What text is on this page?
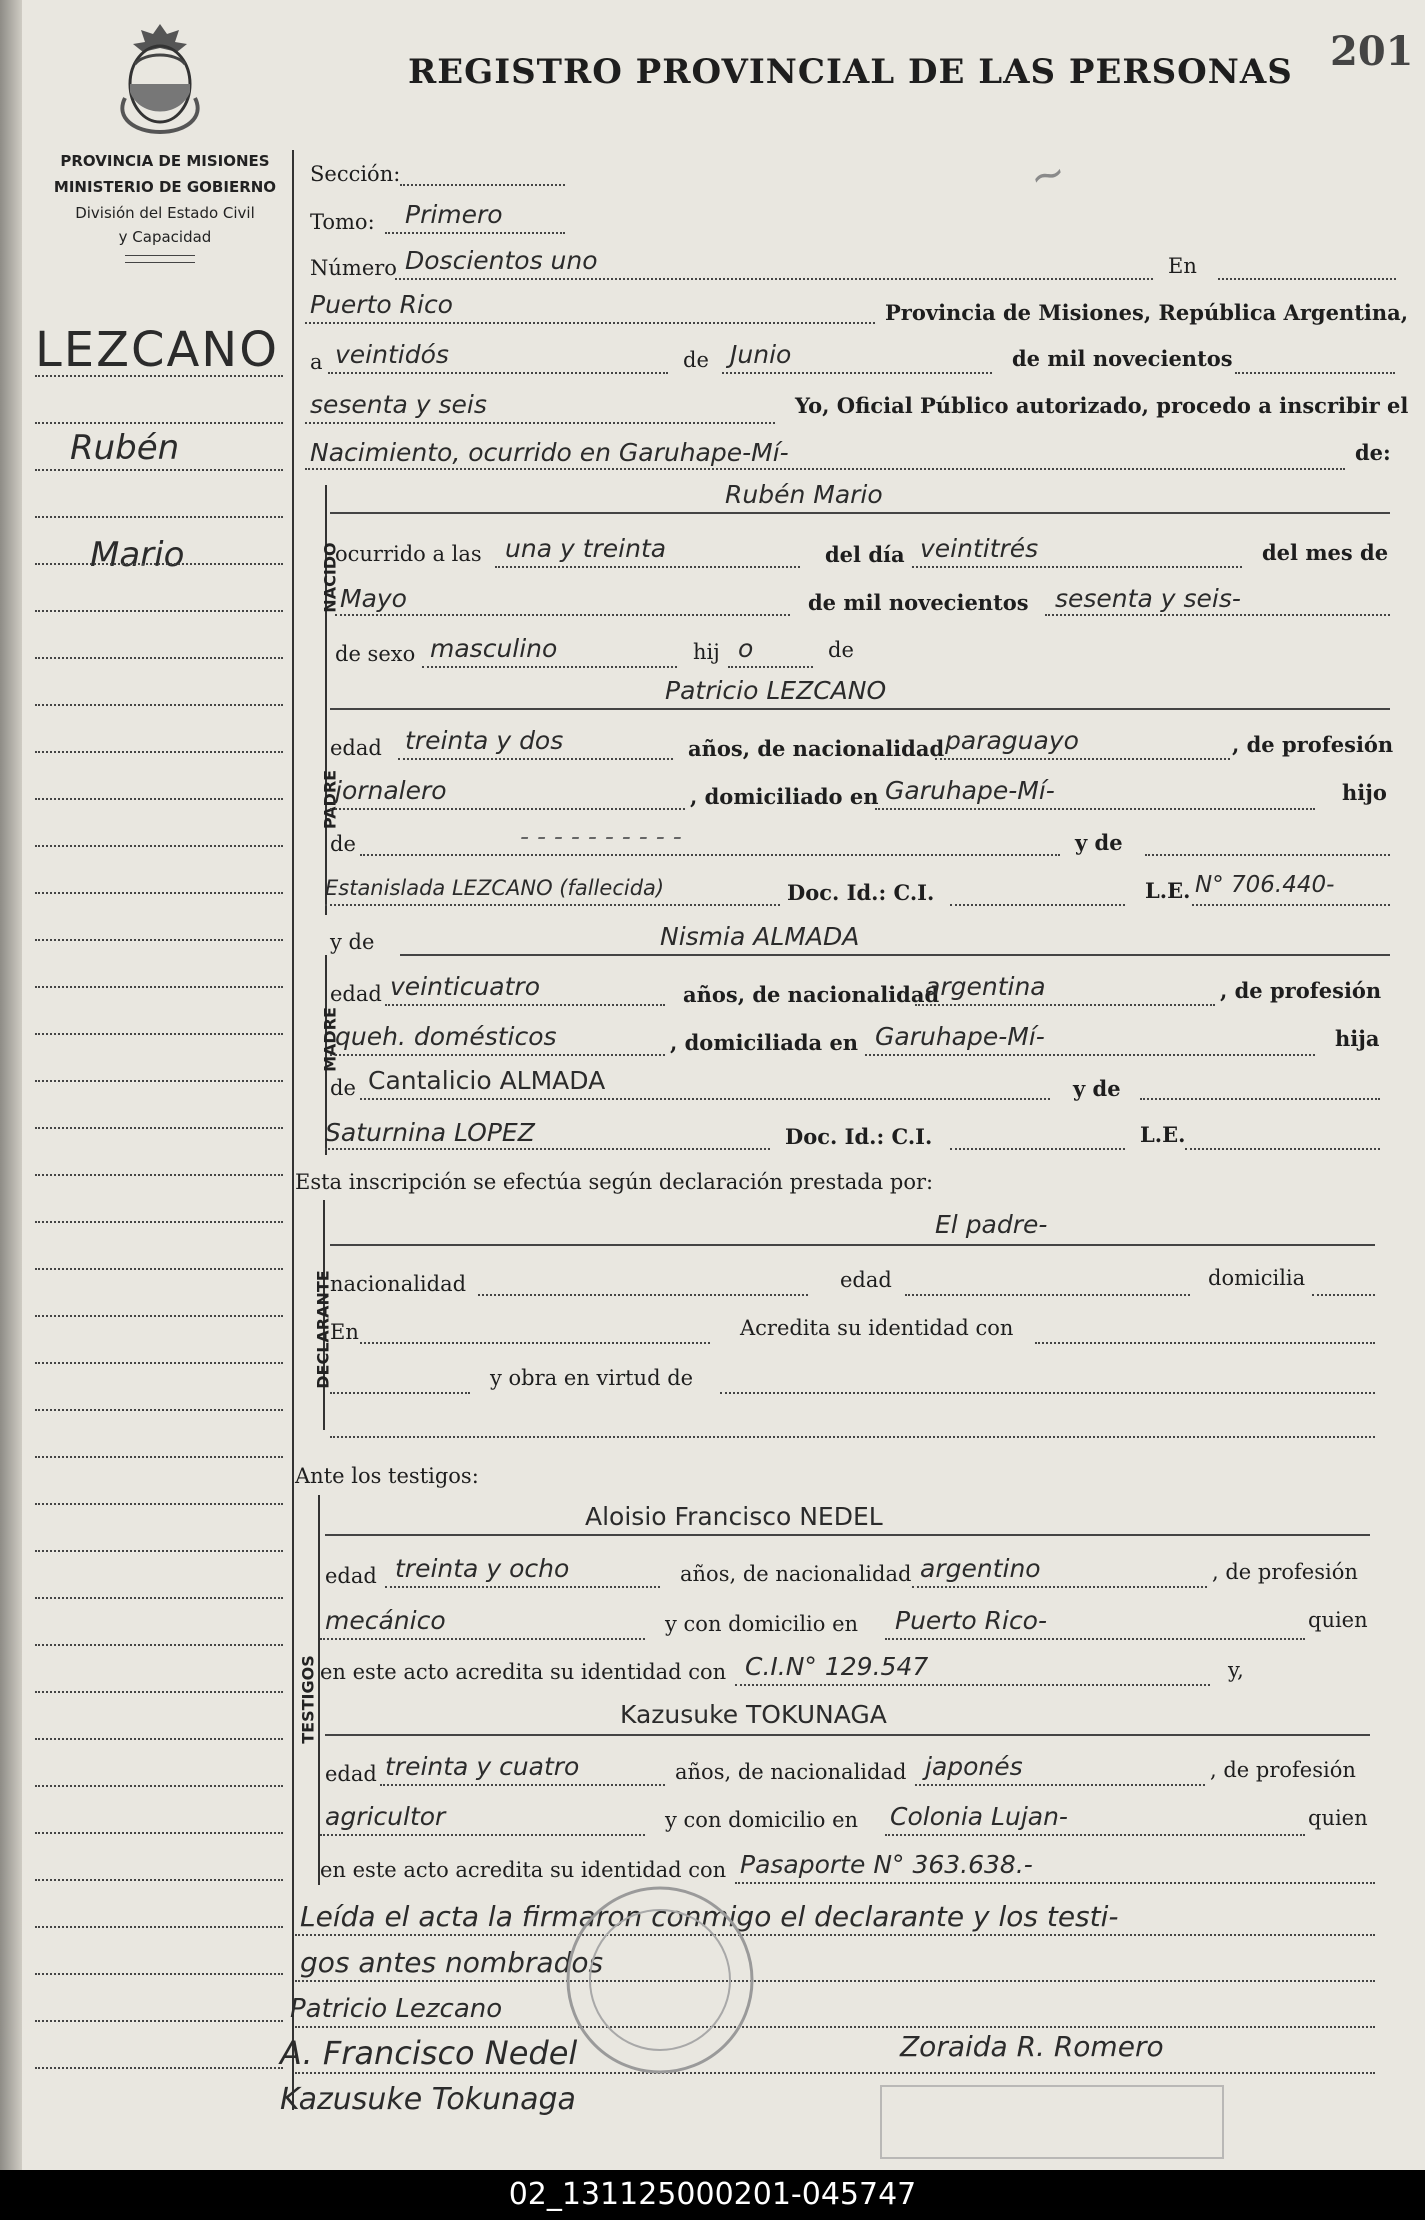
PROVINCIA DE MISIONES
MINISTERIO DE GOBIERNO
División del Estado Civil
y Capacidad
REGISTRO PROVINCIAL DE LAS PERSONAS 201
~
LEZCANO
Rubén
Mario
Sección:
Tomo: Primero
Número Doscientos uno	En
Puerto Rico	Provincia de Misiones, República Argentina,
a veintidós	de Junio	de mil novecientos
sesenta y seis	Yo, Oficial Público autorizado, procedo a inscribir el
Nacimiento, ocurrido en Garuhape-Mí-	de:
NACIDO
Rubén Mario
ocurrido a las una y treinta	del día veintitrés	del mes de
Mayo	de mil novecientos sesenta y seis-
de sexo masculino	hij o	de
PADRE
Patricio LEZCANO
edad treinta y dos	años, de nacionalidad paraguayo	, de profesión
jornalero	, domiciliado en Garuhape-Mí-	hijo
de	- - - - - - - - - -	y de
Estanislada LEZCANO (fallecida)	Doc. Id.: C.I.	L.E. N° 706.440-
y de
MADRE
Nismia ALMADA
edad veinticuatro	años, de nacionalidad
argentina	, de profesión
queh. domésticos	, domiciliada en Garuhape-Mí-	hija
de Cantalicio ALMADA	y de
Saturnina LOPEZ	Doc. Id.: C.I.	L.E.
Esta inscripción se efectúa según declaración prestada por:
DECLARANTE
El padre-
nacionalidad	edad	domicilia
En	Acredita su identidad con
y obra en virtud de
Ante los testigos:
TESTIGOS
Aloisio Francisco NEDEL
edad treinta y ocho	años, de nacionalidad argentino	, de profesión
mecánico	y con domicilio en Puerto Rico-	quien
en este acto acredita su identidad con C.I.N° 129.547	y,
Kazusuke TOKUNAGA
edad treinta y cuatro	años, de nacionalidad japonés	, de profesión
agricultor	y con domicilio en Colonia Lujan-	quien
en este acto acredita su identidad con Pasaporte N° 363.638.-
Leída el acta la firmaron conmigo el declarante y los testi-
gos antes nombrados
Patricio Lezcano
A. Francisco Nedel	Zoraida R. Romero
Kazusuke Tokunaga
02_131125000201-045747
